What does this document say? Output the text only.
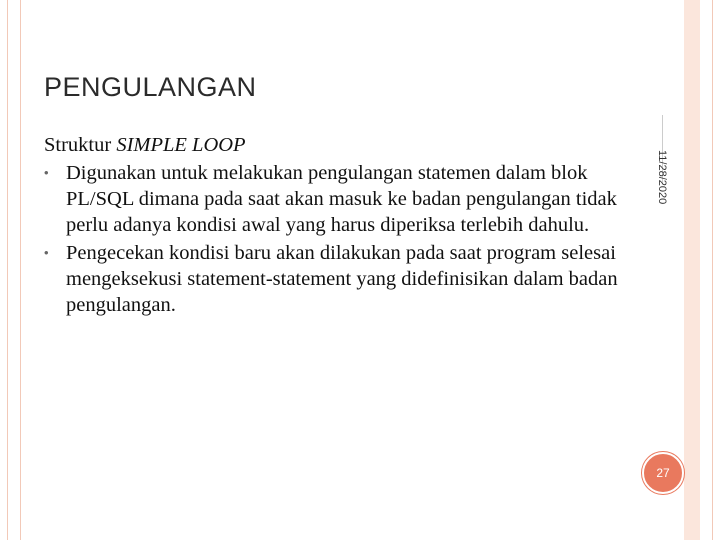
PENGULANGAN
11/28/2020
Struktur SIMPLE LOOP
• Digunakan untuk melakukan pengulangan statemen dalam blok PL/SQL dimana pada saat akan masuk ke badan pengulangan tidak perlu adanya kondisi awal yang harus diperiksa terlebih dahulu.
• Pengecekan kondisi baru akan dilakukan pada saat program selesai mengeksekusi statement-statement yang didefinisikan dalam badan pengulangan.
27
